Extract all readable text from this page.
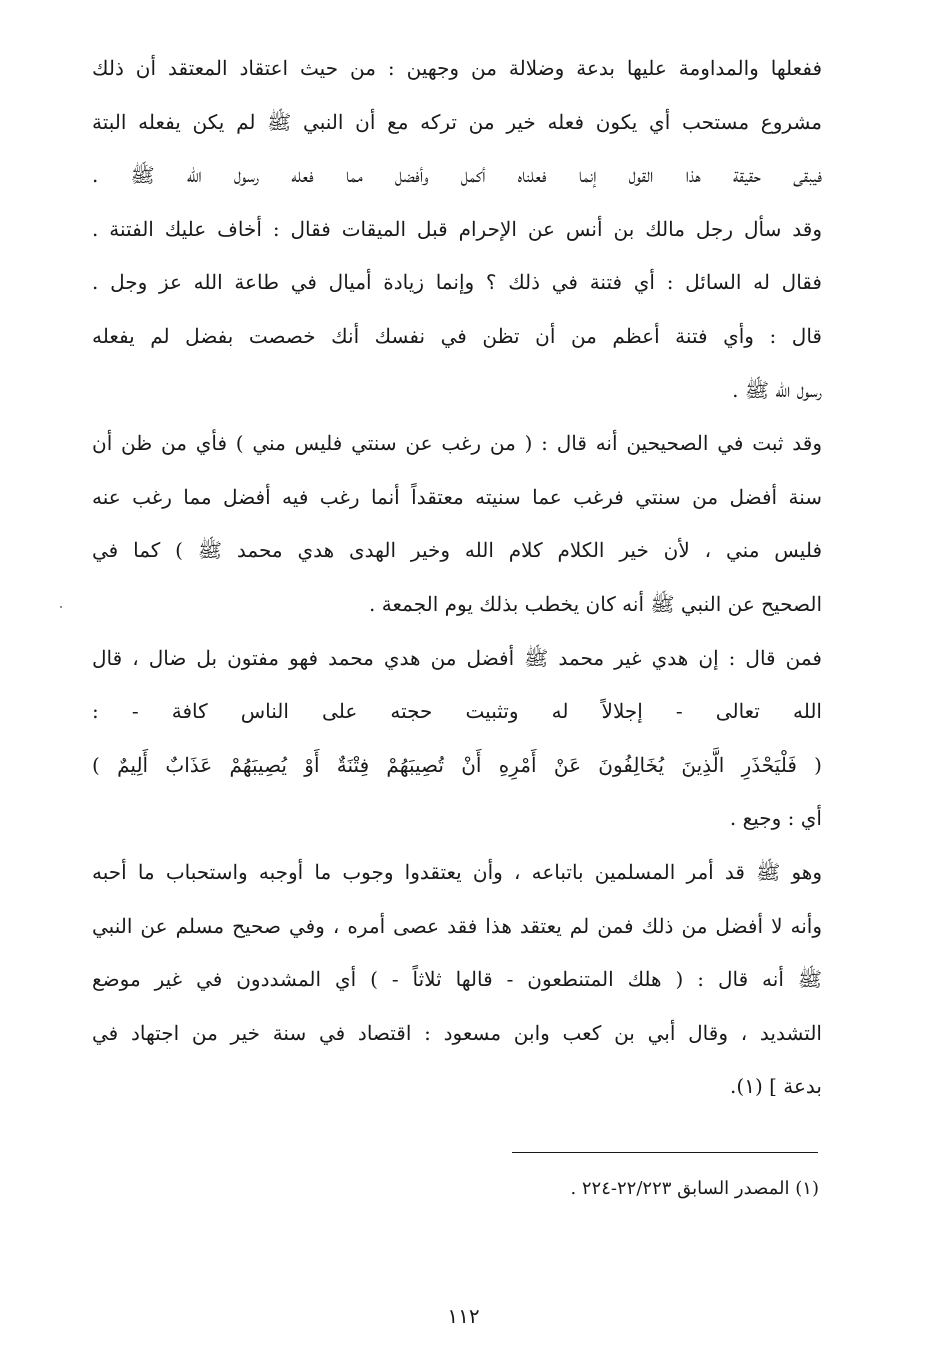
ففعلها والمداومة عليها بدعة وضلالة من وجهين : من حيث اعتقاد المعتقد أن ذلك
مشروع مستحب أي يكون فعله خير من تركه مع أن النبي ﷺ لم يكن يفعله البتة
فيبقى حقيقة هذا القول إنما فعلناه أكمل وأفضل مما فعله رسول الله ﷺ .
وقد سأل رجل مالك بن أنس عن الإحرام قبل الميقات فقال : أخاف عليك الفتنة .
فقال له السائل : أي فتنة في ذلك ؟ وإنما زيادة أميال في طاعة الله عز وجل .
قال : وأي فتنة أعظم من أن تظن في نفسك أنك خصصت بفضل لم يفعله
رسول الله ﷺ .
وقد ثبت في الصحيحين أنه قال : ( من رغب عن سنتي فليس مني ) فأي من ظن أن
سنة أفضل من سنتي فرغب عما سنيته معتقداً أنما رغب فيه أفضل مما رغب عنه
فليس مني ، لأن خير الكلام كلام الله وخير الهدى هدي محمد ﷺ ) كما في
الصحيح عن النبي ﷺ أنه كان يخطب بذلك يوم الجمعة .
فمن قال : إن هدي غير محمد ﷺ أفضل من هدي محمد فهو مفتون بل ضال ، قال
الله تعالى - إجلالاً له وتثبيت حجته على الناس كافة - :
( فَلْيَحْذَرِ الَّذِينَ يُخَالِفُونَ عَنْ أَمْرِهِ أَنْ تُصِيبَهُمْ فِتْنَةٌ أَوْ يُصِيبَهُمْ عَذَابٌ أَلِيمٌ )
أي : وجيع .
وهو ﷺ قد أمر المسلمين باتباعه ، وأن يعتقدوا وجوب ما أوجبه واستحباب ما أحبه
وأنه لا أفضل من ذلك فمن لم يعتقد هذا فقد عصى أمره ، وفي صحيح مسلم عن النبي
ﷺ أنه قال : ( هلك المتنطعون - قالها ثلاثاً - ) أي المشددون في غير موضع
التشديد ، وقال أبي بن كعب وابن مسعود : اقتصاد في سنة خير من اجتهاد في
بدعة ] (١).
(١) المصدر السابق ٢٢/٢٢٣-٢٢٤ .
١١٢
